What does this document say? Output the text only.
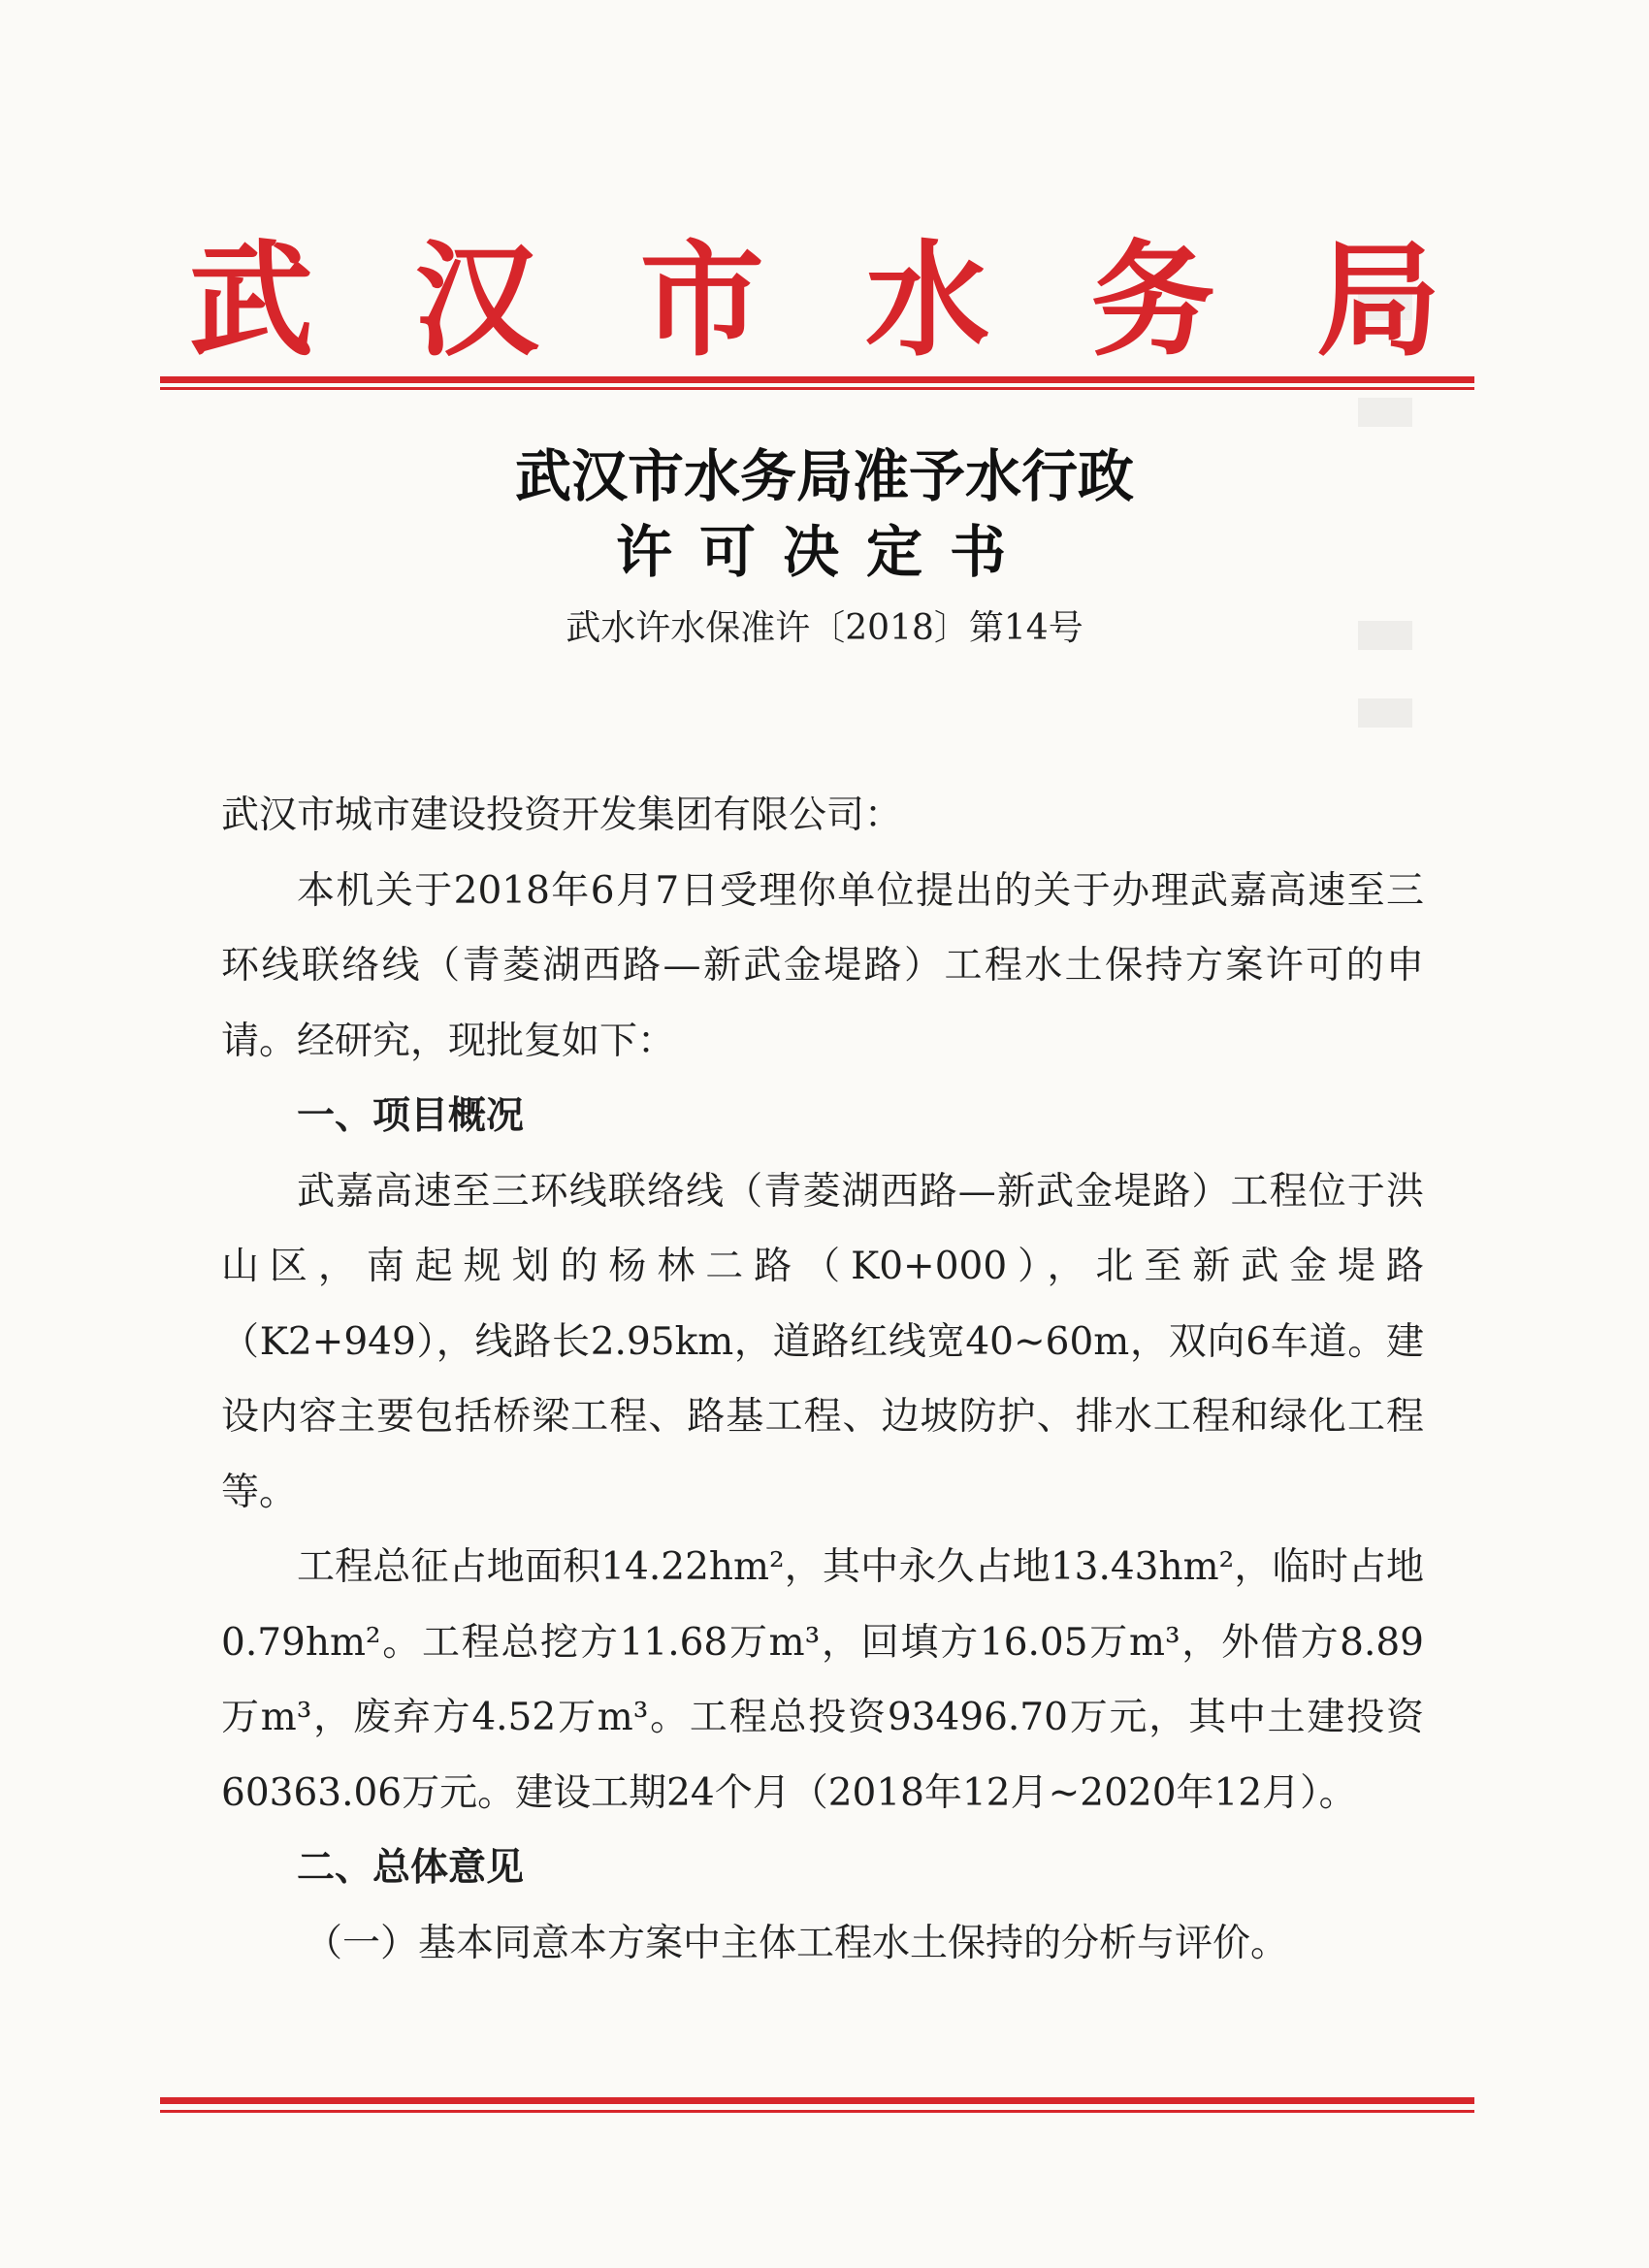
武 汉 市 水 务 局
武汉市水务局准予水行政
许可决定书
武水许水保准许〔2018〕第14号

武汉市城市建设投资开发集团有限公司：

本机关于2018年6月7日受理你单位提出的关于办理武嘉高速至三环线联络线（青菱湖西路—新武金堤路）工程水土保持方案许可的申请。经研究，现批复如下：

一、项目概况

武嘉高速至三环线联络线（青菱湖西路—新武金堤路）工程位于洪山区，南起规划的杨林二路（K0+000），北至新武金堤路（K2+949），线路长2.95km，道路红线宽40~60m，双向6车道。建设内容主要包括桥梁工程、路基工程、边坡防护、排水工程和绿化工程等。

工程总征占地面积14.22hm²，其中永久占地13.43hm²，临时占地0.79hm²。工程总挖方11.68万m³，回填方16.05万m³，外借方8.89万m³，废弃方4.52万m³。工程总投资93496.70万元，其中土建投资60363.06万元。建设工期24个月（2018年12月~2020年12月）。

二、总体意见

（一）基本同意本方案中主体工程水土保持的分析与评价。
